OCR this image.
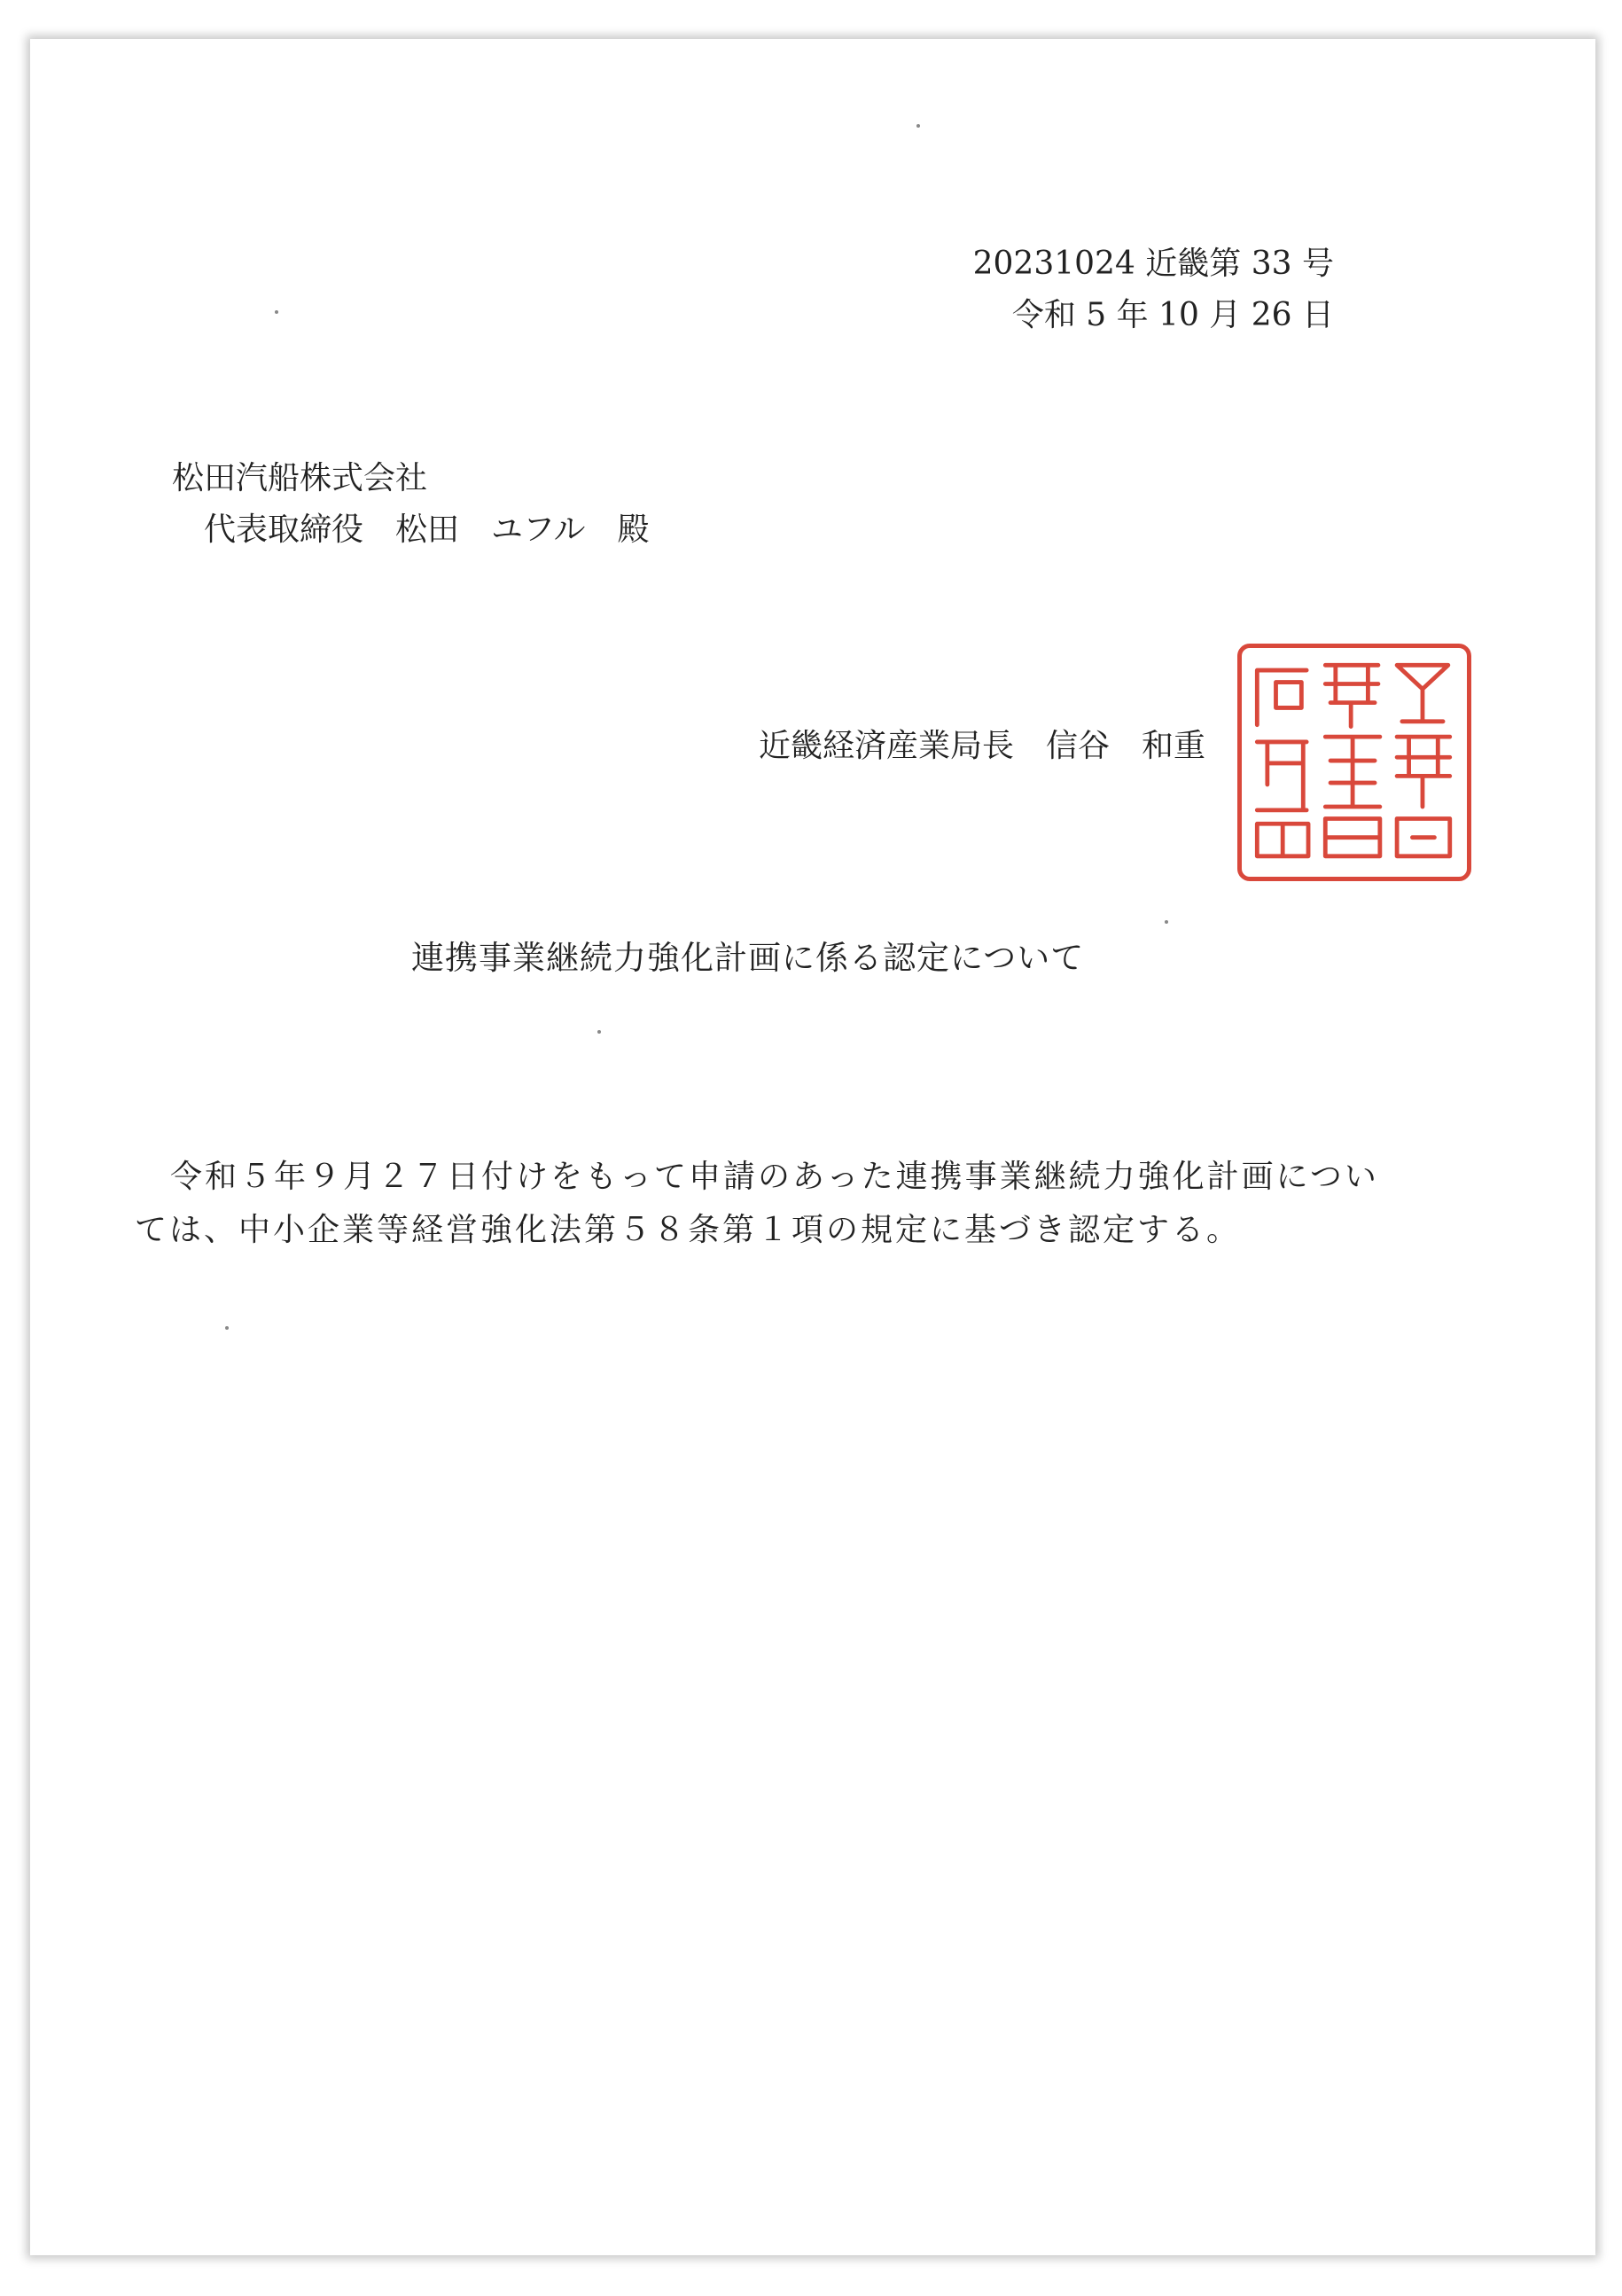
20231024 近畿第 33 号
令和 5 年 10 月 26 日
松田汽船株式会社
代表取締役　松田　ユフル　殿
近畿経済産業局長　信谷　和重
連携事業継続力強化計画に係る認定について
令和５年９月２７日付けをもって申請のあった連携事業継続力強化計画については、中小企業等経営強化法第５８条第１項の規定に基づき認定する。
